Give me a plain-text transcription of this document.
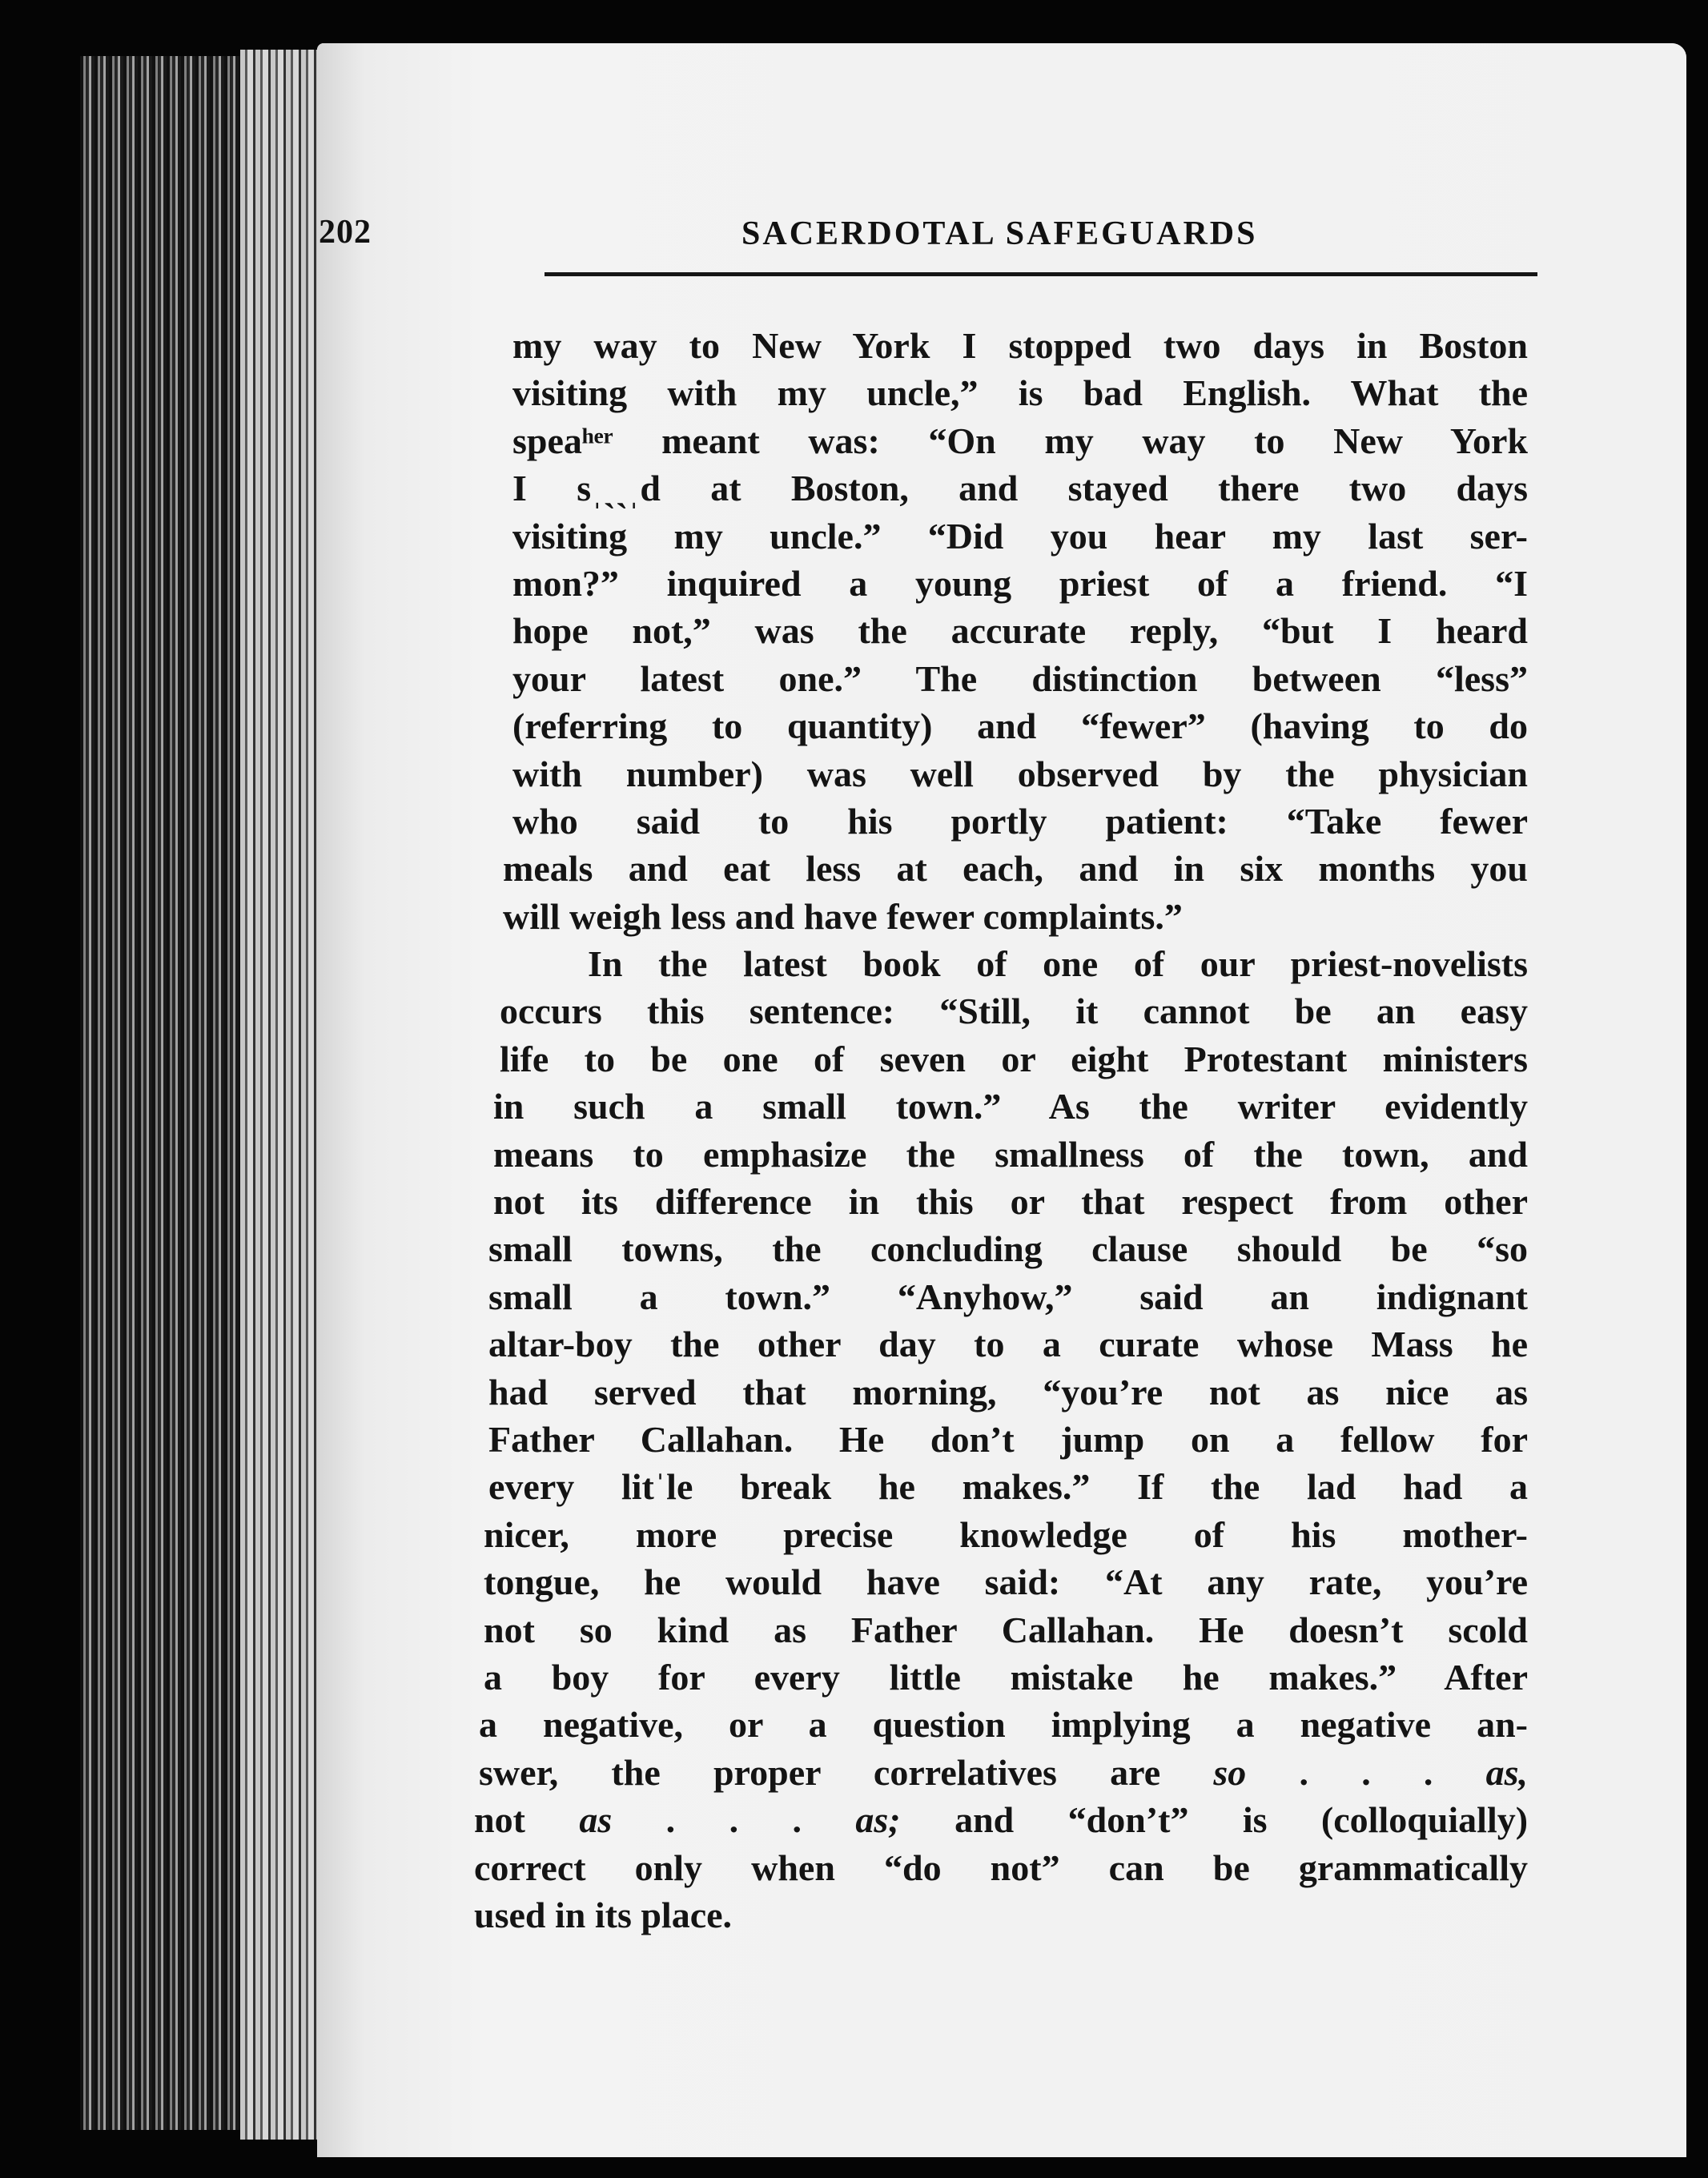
202	SACERDOTAL SAFEGUARDS
my way to New York I stopped two days in Boston
visiting with my uncle,” is bad English. What the
speaʰᵉʳ meant was: “On my way to New York
I sˌˎˎˌd at Boston, and stayed there two days
visiting my uncle.” “Did you hear my last ser-
mon?” inquired a young priest of a friend. “I
hope not,” was the accurate reply, “but I heard
your latest one.” The distinction between “less”
(referring to quantity) and “fewer” (having to do
with number) was well observed by the physician
who said to his portly patient: “Take fewer
meals and eat less at each, and in six months you
will weigh less and have fewer complaints.”
In the latest book of one of our priest-novelists
occurs this sentence: “Still, it cannot be an easy
life to be one of seven or eight Protestant ministers
in such a small town.” As the writer evidently
means to emphasize the smallness of the town, and
not its difference in this or that respect from other
small towns, the concluding clause should be “so
small a town.” “Anyhow,” said an indignant
altar-boy the other day to a curate whose Mass he
had served that morning, “you’re not as nice as
Father Callahan. He don’t jump on a fellow for
every litˈle break he makes.” If the lad had a
nicer, more precise knowledge of his mother-
tongue, he would have said: “At any rate, you’re
not so kind as Father Callahan. He doesn’t scold
a boy for every little mistake he makes.” After
a negative, or a question implying a negative an-
swer, the proper correlatives are so . . . as,
not as . . . as; and “don’t” is (colloquially)
correct only when “do not” can be grammatically
used in its place.
